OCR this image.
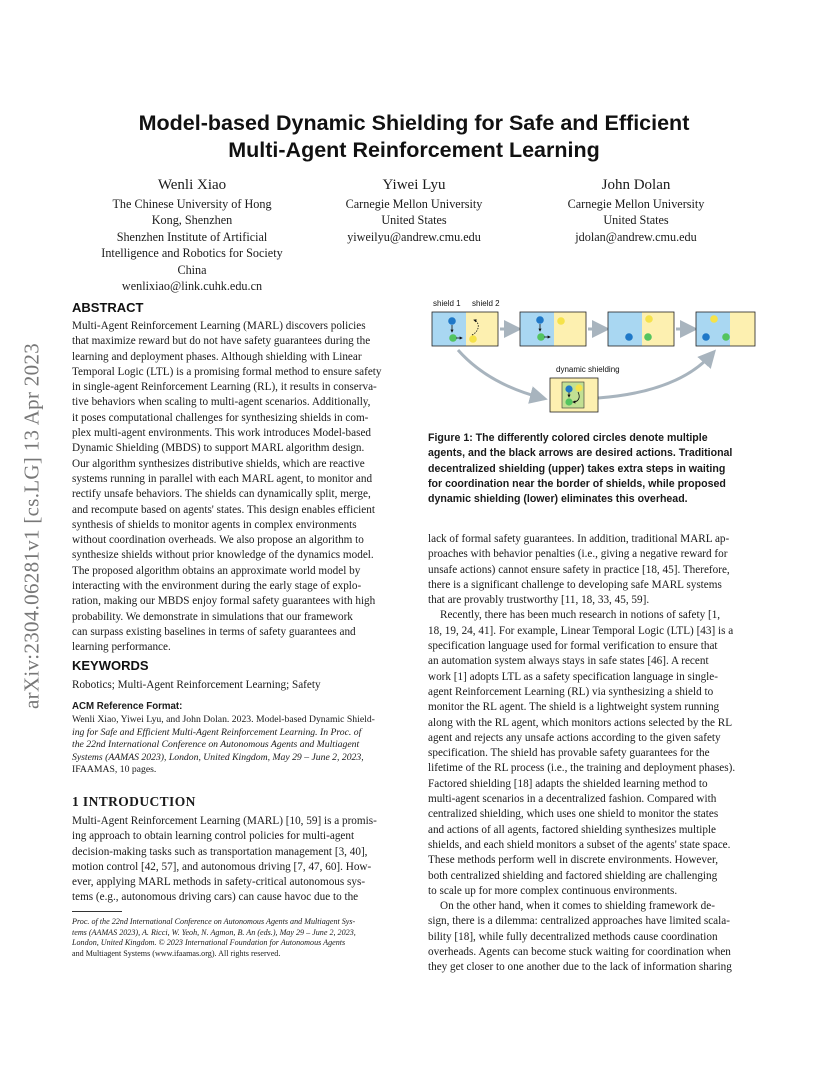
arXiv:2304.06281v1 [cs.LG] 13 Apr 2023
Model-based Dynamic Shielding for Safe and Efficient
Multi-Agent Reinforcement Learning
Wenli Xiao
The Chinese University of Hong
Kong, Shenzhen
Shenzhen Institute of Artificial
Intelligence and Robotics for Society
China
wenlixiao@link.cuhk.edu.cn
Yiwei Lyu
Carnegie Mellon University
United States
yiweilyu@andrew.cmu.edu
John Dolan
Carnegie Mellon University
United States
jdolan@andrew.cmu.edu
ABSTRACT
Multi-Agent Reinforcement Learning (MARL) discovers policies
that maximize reward but do not have safety guarantees during the
learning and deployment phases. Although shielding with Linear
Temporal Logic (LTL) is a promising formal method to ensure safety
in single-agent Reinforcement Learning (RL), it results in conserva-
tive behaviors when scaling to multi-agent scenarios. Additionally,
it poses computational challenges for synthesizing shields in com-
plex multi-agent environments. This work introduces Model-based
Dynamic Shielding (MBDS) to support MARL algorithm design.
Our algorithm synthesizes distributive shields, which are reactive
systems running in parallel with each MARL agent, to monitor and
rectify unsafe behaviors. The shields can dynamically split, merge,
and recompute based on agents' states. This design enables efficient
synthesis of shields to monitor agents in complex environments
without coordination overheads. We also propose an algorithm to
synthesize shields without prior knowledge of the dynamics model.
The proposed algorithm obtains an approximate world model by
interacting with the environment during the early stage of explo-
ration, making our MBDS enjoy formal safety guarantees with high
probability. We demonstrate in simulations that our framework
can surpass existing baselines in terms of safety guarantees and
learning performance.
KEYWORDS
Robotics; Multi-Agent Reinforcement Learning; Safety
ACM Reference Format:
Wenli Xiao, Yiwei Lyu, and John Dolan. 2023. Model-based Dynamic Shield-
ing for Safe and Efficient Multi-Agent Reinforcement Learning. In Proc. of
the 22nd International Conference on Autonomous Agents and Multiagent
Systems (AAMAS 2023), London, United Kingdom, May 29 – June 2, 2023,
IFAAMAS, 10 pages.
1 INTRODUCTION
Multi-Agent Reinforcement Learning (MARL) [10, 59] is a promis-
ing approach to obtain learning control policies for multi-agent
decision-making tasks such as transportation management [3, 40],
motion control [42, 57], and autonomous driving [7, 47, 60]. How-
ever, applying MARL methods in safety-critical autonomous sys-
tems (e.g., autonomous driving cars) can cause havoc due to the
Proc. of the 22nd International Conference on Autonomous Agents and Multiagent Sys-
tems (AAMAS 2023), A. Ricci, W. Yeoh, N. Agmon, B. An (eds.), May 29 – June 2, 2023,
London, United Kingdom. © 2023 International Foundation for Autonomous Agents
and Multiagent Systems (www.ifaamas.org). All rights reserved.
shield 1 shield 2
dynamic shielding
Figure 1: The differently colored circles denote multiple
agents, and the black arrows are desired actions. Traditional
decentralized shielding (upper) takes extra steps in waiting
for coordination near the border of shields, while proposed
dynamic shielding (lower) eliminates this overhead.
lack of formal safety guarantees. In addition, traditional MARL ap-
proaches with behavior penalties (i.e., giving a negative reward for
unsafe actions) cannot ensure safety in practice [18, 45]. Therefore,
there is a significant challenge to developing safe MARL systems
that are provably trustworthy [11, 18, 33, 45, 59].
Recently, there has been much research in notions of safety [1,
18, 19, 24, 41]. For example, Linear Temporal Logic (LTL) [43] is a
specification language used for formal verification to ensure that
an automation system always stays in safe states [46]. A recent
work [1] adopts LTL as a safety specification language in single-
agent Reinforcement Learning (RL) via synthesizing a shield to
monitor the RL agent. The shield is a lightweight system running
along with the RL agent, which monitors actions selected by the RL
agent and rejects any unsafe actions according to the given safety
specification. The shield has provable safety guarantees for the
lifetime of the RL process (i.e., the training and deployment phases).
Factored shielding [18] adapts the shielded learning method to
multi-agent scenarios in a decentralized fashion. Compared with
centralized shielding, which uses one shield to monitor the states
and actions of all agents, factored shielding synthesizes multiple
shields, and each shield monitors a subset of the agents' state space.
These methods perform well in discrete environments. However,
both centralized shielding and factored shielding are challenging
to scale up for more complex continuous environments.
On the other hand, when it comes to shielding framework de-
sign, there is a dilemma: centralized approaches have limited scala-
bility [18], while fully decentralized methods cause coordination
overheads. Agents can become stuck waiting for coordination when
they get closer to one another due to the lack of information sharing
